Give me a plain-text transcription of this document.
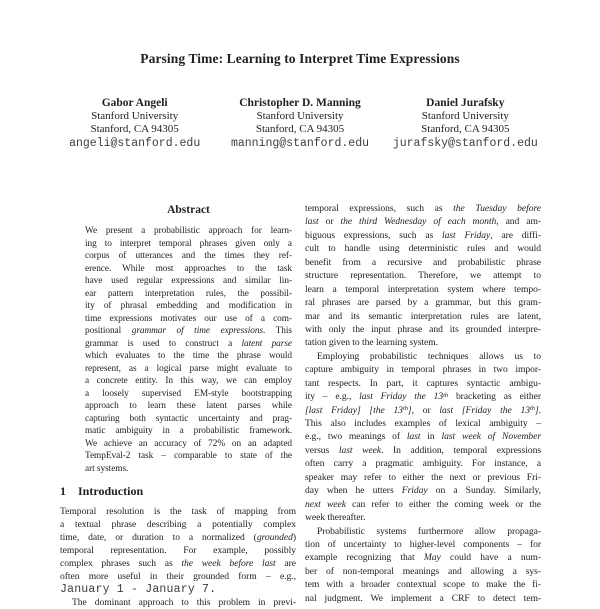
Parsing Time: Learning to Interpret Time Expressions
Gabor Angeli
Stanford University
Stanford, CA 94305
angeli@stanford.edu
Christopher D. Manning
Stanford University
Stanford, CA 94305
manning@stanford.edu
Daniel Jurafsky
Stanford University
Stanford, CA 94305
jurafsky@stanford.edu
Abstract
We present a probabilistic approach for learn-
ing to interpret temporal phrases given only a
corpus of utterances and the times they ref-
erence. While most approaches to the task
have used regular expressions and similar lin-
ear pattern interpretation rules, the possibil-
ity of phrasal embedding and modification in
time expressions motivates our use of a com-
positional grammar of time expressions. This
grammar is used to construct a latent parse
which evaluates to the time the phrase would
represent, as a logical parse might evaluate to
a concrete entity. In this way, we can employ
a loosely supervised EM-style bootstrapping
approach to learn these latent parses while
capturing both syntactic uncertainty and prag-
matic ambiguity in a probabilistic framework.
We achieve an accuracy of 72% on an adapted
TempEval-2 task – comparable to state of the
art systems.
1 Introduction
Temporal resolution is the task of mapping from
a textual phrase describing a potentially complex
time, date, or duration to a normalized (grounded)
temporal representation. For example, possibly
complex phrases such as the week before last are
often more useful in their grounded form – e.g.,
January 1 - January 7.
The dominant approach to this problem in previ-
temporal expressions, such as the Tuesday before
last or the third Wednesday of each month, and am-
biguous expressions, such as last Friday, are diffi-
cult to handle using deterministic rules and would
benefit from a recursive and probabilistic phrase
structure representation. Therefore, we attempt to
learn a temporal interpretation system where tempo-
ral phrases are parsed by a grammar, but this gram-
mar and its semantic interpretation rules are latent,
with only the input phrase and its grounded interpre-
tation given to the learning system.
Employing probabilistic techniques allows us to
capture ambiguity in temporal phrases in two impor-
tant respects. In part, it captures syntactic ambigu-
ity – e.g., last Friday the 13th bracketing as either
[last Friday] [the 13th], or last [Friday the 13th].
This also includes examples of lexical ambiguity –
e.g., two meanings of last in last week of November
versus last week. In addition, temporal expressions
often carry a pragmatic ambiguity. For instance, a
speaker may refer to either the next or previous Fri-
day when he utters Friday on a Sunday. Similarly,
next week can refer to either the coming week or the
week thereafter.
Probabilistic systems furthermore allow propaga-
tion of uncertainty to higher-level components – for
example recognizing that May could have a num-
ber of non-temporal meanings and allowing a sys-
tem with a broader contextual scope to make the fi-
nal judgment. We implement a CRF to detect tem-
